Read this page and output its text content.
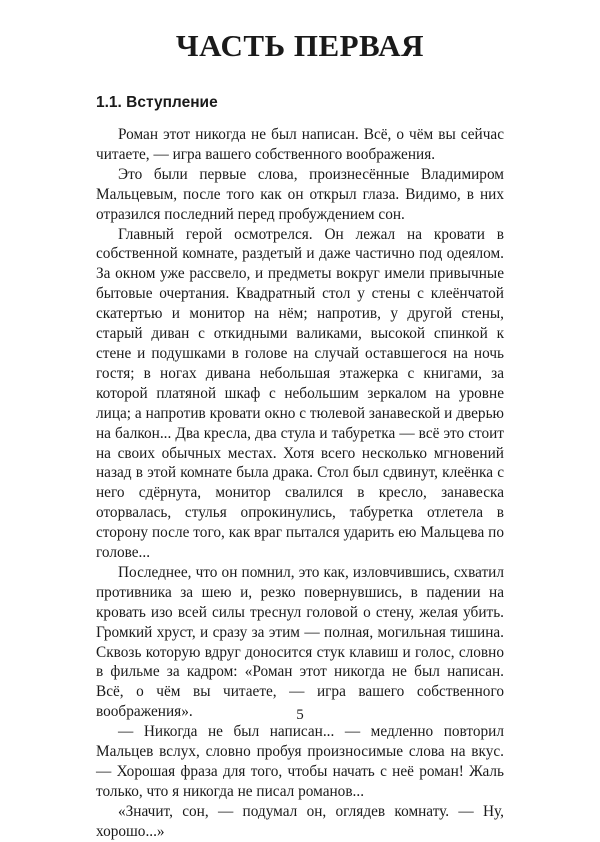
ЧАСТЬ ПЕРВАЯ
1.1. Вступление

Роман этот никогда не был написан. Всё, о чём вы сейчас читаете, — игра вашего собственного воображения.

Это были первые слова, произнесённые Владимиром Мальцевым, после того как он открыл глаза. Видимо, в них отразился последний перед пробуждением сон.

Главный герой осмотрелся. Он лежал на кровати в собственной комнате, раздетый и даже частично под одеялом. За окном уже рассвело, и предметы вокруг имели привычные бытовые очертания. Квадратный стол у стены с клеёнчатой скатертью и монитор на нём; напротив, у другой стены, старый диван с откидными валиками, высокой спинкой к стене и подушками в голове на случай оставшегося на ночь гостя; в ногах дивана небольшая этажерка с книгами, за которой платяной шкаф с небольшим зеркалом на уровне лица; а напротив кровати окно с тюлевой занавеской и дверью на балкон... Два кресла, два стула и табуретка — всё это стоит на своих обычных местах. Хотя всего несколько мгновений назад в этой комнате была драка. Стол был сдвинут, клеёнка с него сдёрнута, монитор свалился в кресло, занавеска оторвалась, стулья опрокинулись, табуретка отлетела в сторону после того, как враг пытался ударить ею Мальцева по голове...

Последнее, что он помнил, это как, изловчившись, схватил противника за шею и, резко повернувшись, в падении на кровать изо всей силы треснул головой о стену, желая убить. Громкий хруст, и сразу за этим — полная, могильная тишина. Сквозь которую вдруг доносится стук клавиш и голос, словно в фильме за кадром: «Роман этот никогда не был написан. Всё, о чём вы читаете, — игра вашего собственного воображения».

— Никогда не был написан... — медленно повторил Мальцев вслух, словно пробуя произносимые слова на вкус. — Хорошая фраза для того, чтобы начать с неё роман! Жаль только, что я никогда не писал романов...

«Значит, сон, — подумал он, оглядев комнату. — Ну, хорошо...»

5
